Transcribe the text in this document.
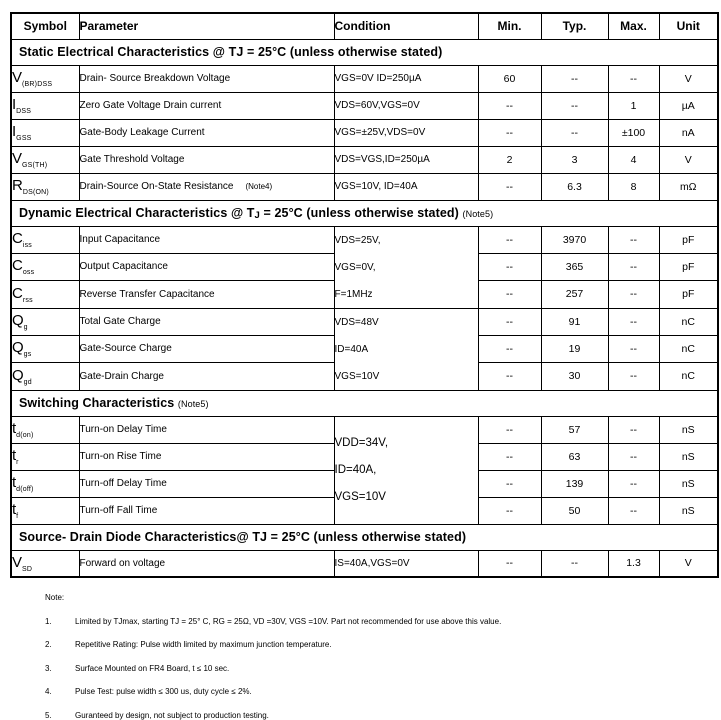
Symbol	Parameter	Condition	Min.	Typ.	Max.	Unit
Static Electrical Characteristics @ TJ = 25°C (unless otherwise stated)						
$V_{(BR)DSS}$	Drain- Source Breakdown Voltage	VGS=0V ID=250µA	60	--	--	V
$I_{DSS}$	Zero Gate Voltage Drain current	VDS=60V,VGS=0V	--	--	1	µA
$I_{GSS}$	Gate-Body Leakage Current	VGS=±25V,VDS=0V	--	--	±100	nA
$V_{GS(TH)}$	Gate Threshold Voltage	VDS=VGS,ID=250µA	2	3	4	V
$R_{DS(ON)}$	Drain-Source On-State Resistance (Note4)	VGS=10V, ID=40A	--	6.3	8	mΩ
Dynamic Electrical Characteristics @ TJ = 25°C (unless otherwise stated) (Note5)						
$C_{iss}$	Input Capacitance	VDS=25V,
VGS=0V,
F=1MHz	--	3970	--	pF
$C_{oss}$	Output Capacitance		--	365	--	pF
$C_{rss}$	Reverse Transfer Capacitance		--	257	--	pF
$Q_g$	Total Gate Charge	VDS=48V
ID=40A
VGS=10V	--	91	--	nC
$Q_{gs}$	Gate-Source Charge		--	19	--	nC
$Q_{gd}$	Gate-Drain Charge		--	30	--	nC
Switching Characteristics (Note5)						
$t_{d(on)}$	Turn-on Delay Time	VDD=34V,
ID=40A,
VGS=10V	--	57	--	nS
$t_r$	Turn-on Rise Time		--	63	--	nS
$t_{d(off)}$	Turn-off Delay Time		--	139	--	nS
$t_f$	Turn-off Fall Time		--	50	--	nS
Source- Drain Diode Characteristics@ TJ = 25°C (unless otherwise stated)						
$V_{SD}$	Forward on voltage	IS=40A,VGS=0V	--	--	1.3	V
Note:
1.	Limited by TJmax, starting TJ = 25° C, RG = 25Ω, VD =30V, VGS =10V. Part not recommended for use above this value.
2.	Repetitive Rating: Pulse width limited by maximum junction temperature.
3.	Surface Mounted on FR4 Board, t ≤ 10 sec.
4.	Pulse Test: pulse width ≤ 300 us, duty cycle ≤ 2%.
5.	Guranteed by design, not subject to production testing.
